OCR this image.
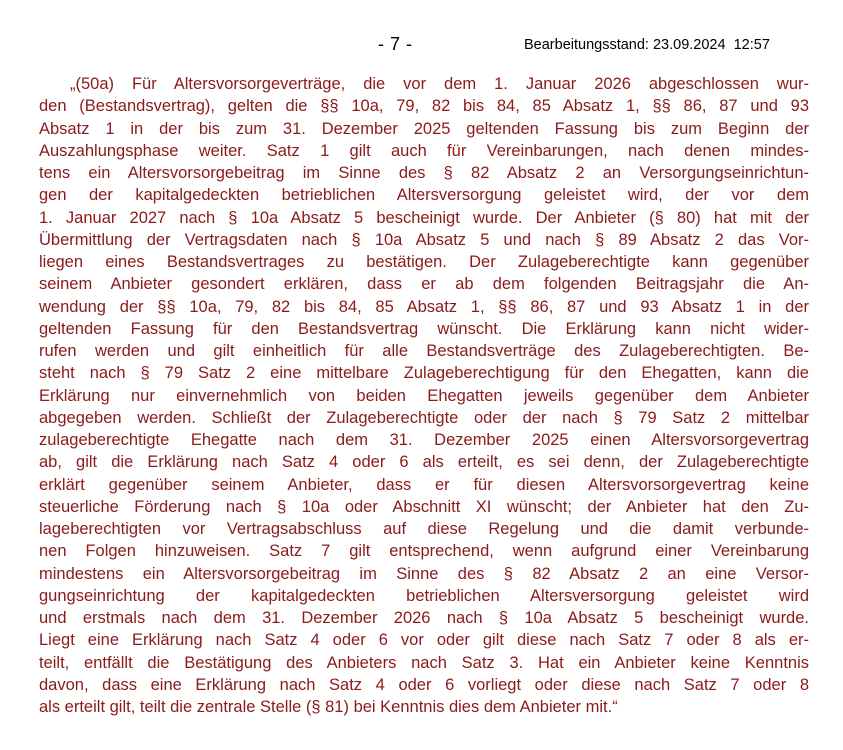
- 7 -	Bearbeitungsstand: 23.09.2024  12:57
„(50a) Für Altersvorsorgeverträge, die vor dem 1. Januar 2026 abgeschlossen wur-
den (Bestandsvertrag), gelten die §§ 10a, 79, 82 bis 84, 85 Absatz 1, §§ 86, 87 und 93
Absatz 1 in der bis zum 31. Dezember 2025 geltenden Fassung bis zum Beginn der
Auszahlungsphase weiter. Satz 1 gilt auch für Vereinbarungen, nach denen mindes-
tens ein Altersvorsorgebeitrag im Sinne des § 82 Absatz 2 an Versorgungseinrichtun-
gen der kapitalgedeckten betrieblichen Altersversorgung geleistet wird, der vor dem
1. Januar 2027 nach § 10a Absatz 5 bescheinigt wurde. Der Anbieter (§ 80) hat mit der
Übermittlung der Vertragsdaten nach § 10a Absatz 5 und nach § 89 Absatz 2 das Vor-
liegen eines Bestandsvertrages zu bestätigen. Der Zulageberechtigte kann gegenüber
seinem Anbieter gesondert erklären, dass er ab dem folgenden Beitragsjahr die An-
wendung der §§ 10a, 79, 82 bis 84, 85 Absatz 1, §§ 86, 87 und 93 Absatz 1 in der
geltenden Fassung für den Bestandsvertrag wünscht. Die Erklärung kann nicht wider-
rufen werden und gilt einheitlich für alle Bestandsverträge des Zulageberechtigten. Be-
steht nach § 79 Satz 2 eine mittelbare Zulageberechtigung für den Ehegatten, kann die
Erklärung nur einvernehmlich von beiden Ehegatten jeweils gegenüber dem Anbieter
abgegeben werden. Schließt der Zulageberechtigte oder der nach § 79 Satz 2 mittelbar
zulageberechtigte Ehegatte nach dem 31. Dezember 2025 einen Altersvorsorgevertrag
ab, gilt die Erklärung nach Satz 4 oder 6 als erteilt, es sei denn, der Zulageberechtigte
erklärt gegenüber seinem Anbieter, dass er für diesen Altersvorsorgevertrag keine
steuerliche Förderung nach § 10a oder Abschnitt XI wünscht; der Anbieter hat den Zu-
lageberechtigten vor Vertragsabschluss auf diese Regelung und die damit verbunde-
nen Folgen hinzuweisen. Satz 7 gilt entsprechend, wenn aufgrund einer Vereinbarung
mindestens ein Altersvorsorgebeitrag im Sinne des § 82 Absatz 2 an eine Versor-
gungseinrichtung der kapitalgedeckten betrieblichen Altersversorgung geleistet wird
und erstmals nach dem 31. Dezember 2026 nach § 10a Absatz 5 bescheinigt wurde.
Liegt eine Erklärung nach Satz 4 oder 6 vor oder gilt diese nach Satz 7 oder 8 als er-
teilt, entfällt die Bestätigung des Anbieters nach Satz 3. Hat ein Anbieter keine Kenntnis
davon, dass eine Erklärung nach Satz 4 oder 6 vorliegt oder diese nach Satz 7 oder 8
als erteilt gilt, teilt die zentrale Stelle (§ 81) bei Kenntnis dies dem Anbieter mit.“
